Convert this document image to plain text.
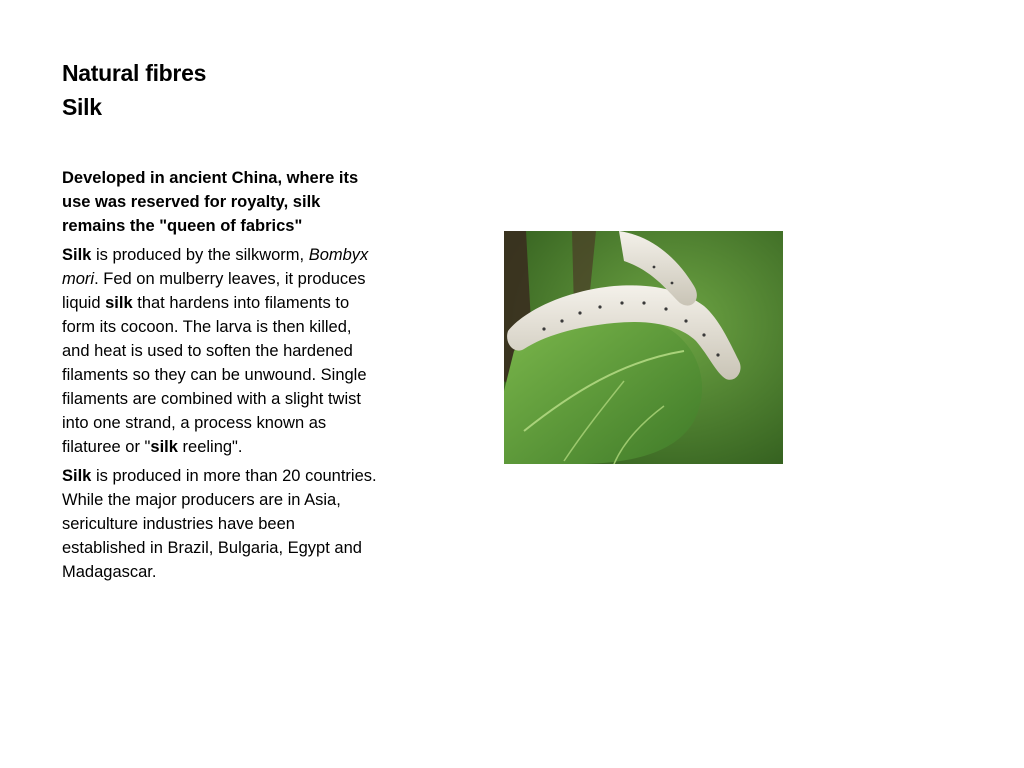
Natural fibres
Silk

Developed in ancient China, where its use was reserved for royalty, silk remains the "queen of fabrics"

Silk is produced by the silkworm, Bombyx mori. Fed on mulberry leaves, it produces liquid silk that hardens into filaments to form its cocoon. The larva is then killed, and heat is used to soften the hardened filaments so they can be unwound. Single filaments are combined with a slight twist into one strand, a process known as filaturee or "silk reeling".

Silk is produced in more than 20 countries. While the major producers are in Asia, sericulture industries have been established in Brazil, Bulgaria, Egypt and Madagascar.
